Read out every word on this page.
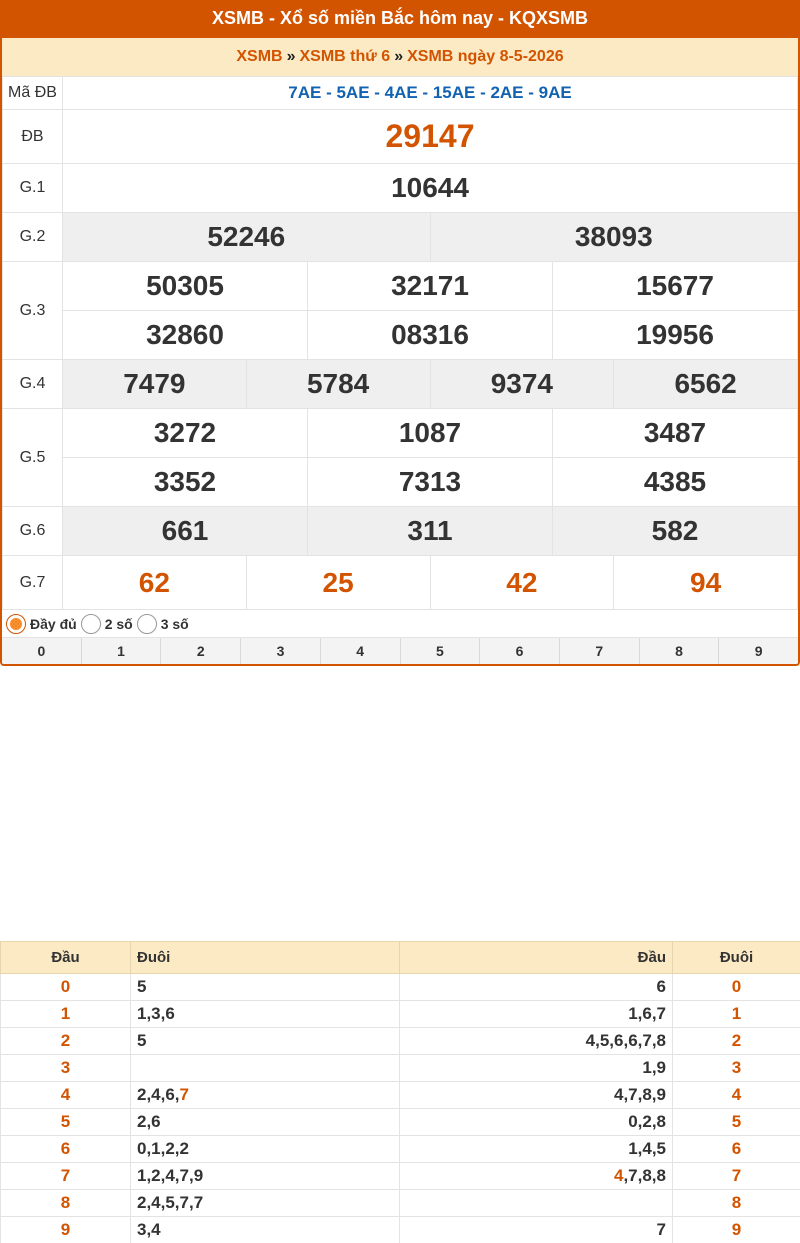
XSMB - Xổ số miền Bắc hôm nay - KQXSMB
XSMB » XSMB thứ 6 » XSMB ngày 8-5-2026
Mã ĐB	7AE - 5AE - 4AE - 15AE - 2AE - 9AE					
ĐB	29147					
G.1	10644					
G.2	52246			38093		
G.3	50305		32171		15677	
	32860		08316		19956	
G.4	7479	5784		9374		6562
G.5	3272		1087		3487	
	3352		7313		4385	
G.6	661		311		582	
G.7	62	25		42		94
Đầy đủ 2 số 3 số
0	1	2	3	4	5	6	7	8	9
Đầu	Đuôi	Đầu	Đuôi
0	5	6	0
1	1,3,6	1,6,7	1
2	5	4,5,6,6,7,8	2
3		1,9	3
4	2,4,6,7	4,7,8,9	4
5	2,6	0,2,8	5
6	0,1,2,2	1,4,5	6
7	1,2,4,7,9	4,7,8,8	7
8	2,4,5,7,7		8
9	3,4	7	9
